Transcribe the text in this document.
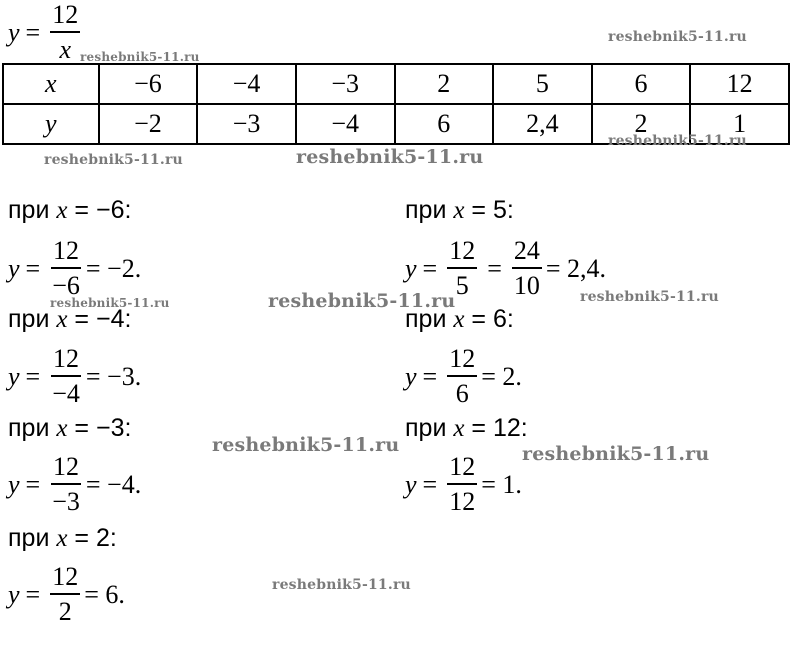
$y = \frac{12}{x}$
x	−6	−4	−3	2	5	6	12
y	−2	−3	−4	6	2,4	2	1
при x = −6:
$y = \frac{12}{-6} = -2$.
при x = −4:
$y = \frac{12}{-4} = -3$.
при x = −3:
$y = \frac{12}{-3} = -4$.
при x = 2:
$y = \frac{12}{2} = 6$.
при x = 5:
$y = \frac{12}{5} = \frac{24}{10} = 2,4$.
при x = 6:
$y = \frac{12}{6} = 2$.
при x = 12:
$y = \frac{12}{12} = 1$.
reshebnik5-11.ru
reshebnik5-11.ru
reshebnik5-11.ru	reshebnik5-11.ru
reshebnik5-11.ru
reshebnik5-11.ru	reshebnik5-11.ru	reshebnik5-11.ru
reshebnik5-11.ru	reshebnik5-11.ru
reshebnik5-11.ru
